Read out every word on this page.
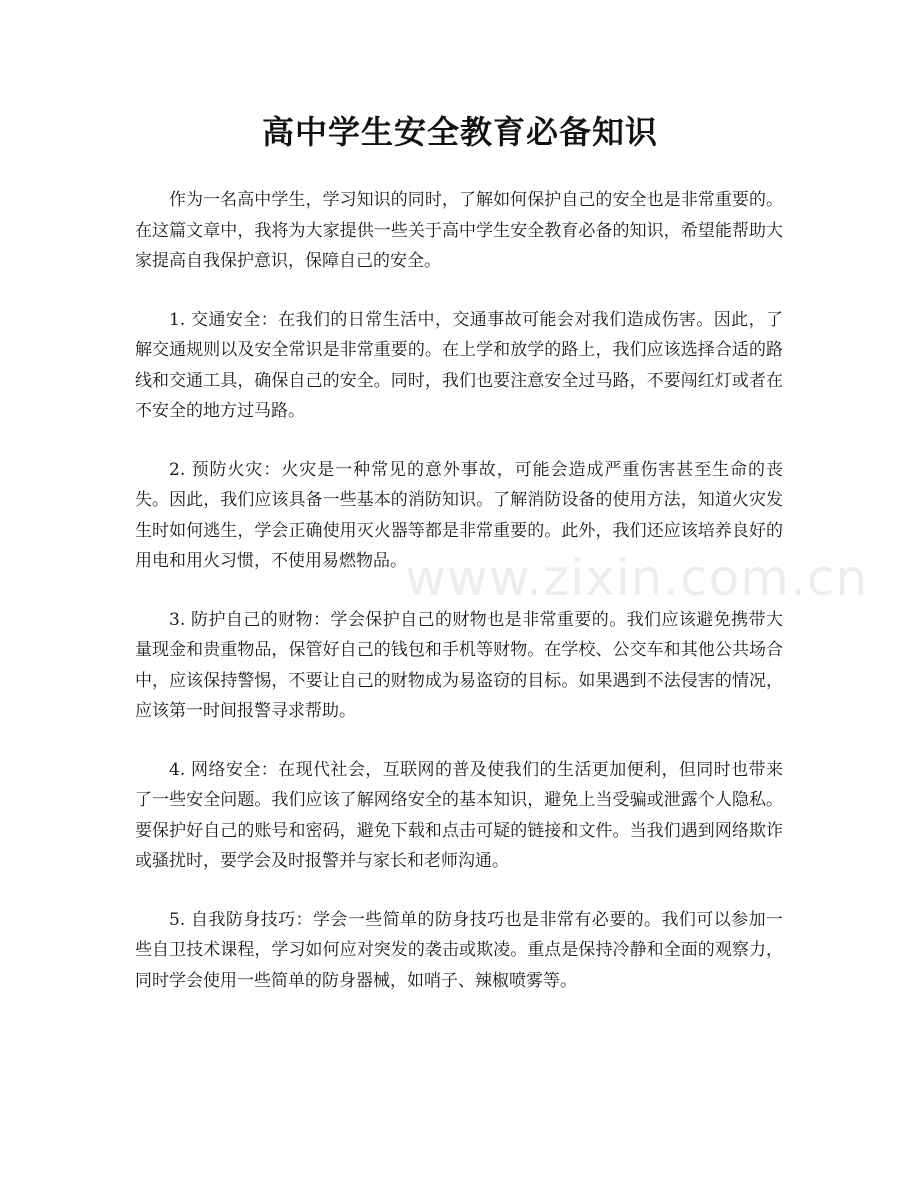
高中学生安全教育必备知识

作为一名高中学生，学习知识的同时，了解如何保护自己的安全也是非常重要的。在这篇文章中，我将为大家提供一些关于高中学生安全教育必备的知识，希望能帮助大家提高自我保护意识，保障自己的安全。

1. 交通安全：在我们的日常生活中，交通事故可能会对我们造成伤害。因此，了解交通规则以及安全常识是非常重要的。在上学和放学的路上，我们应该选择合适的路线和交通工具，确保自己的安全。同时，我们也要注意安全过马路，不要闯红灯或者在不安全的地方过马路。

2. 预防火灾：火灾是一种常见的意外事故，可能会造成严重伤害甚至生命的丧失。因此，我们应该具备一些基本的消防知识。了解消防设备的使用方法，知道火灾发生时如何逃生，学会正确使用灭火器等都是非常重要的。此外，我们还应该培养良好的用电和用火习惯，不使用易燃物品。

3. 防护自己的财物：学会保护自己的财物也是非常重要的。我们应该避免携带大量现金和贵重物品，保管好自己的钱包和手机等财物。在学校、公交车和其他公共场合中，应该保持警惕，不要让自己的财物成为易盗窃的目标。如果遇到不法侵害的情况，应该第一时间报警寻求帮助。

4. 网络安全：在现代社会，互联网的普及使我们的生活更加便利，但同时也带来了一些安全问题。我们应该了解网络安全的基本知识，避免上当受骗或泄露个人隐私。要保护好自己的账号和密码，避免下载和点击可疑的链接和文件。当我们遇到网络欺诈或骚扰时，要学会及时报警并与家长和老师沟通。

5. 自我防身技巧：学会一些简单的防身技巧也是非常有必要的。我们可以参加一些自卫技术课程，学习如何应对突发的袭击或欺凌。重点是保持冷静和全面的观察力，同时学会使用一些简单的防身器械，如哨子、辣椒喷雾等。

www.zixin.com.cn
